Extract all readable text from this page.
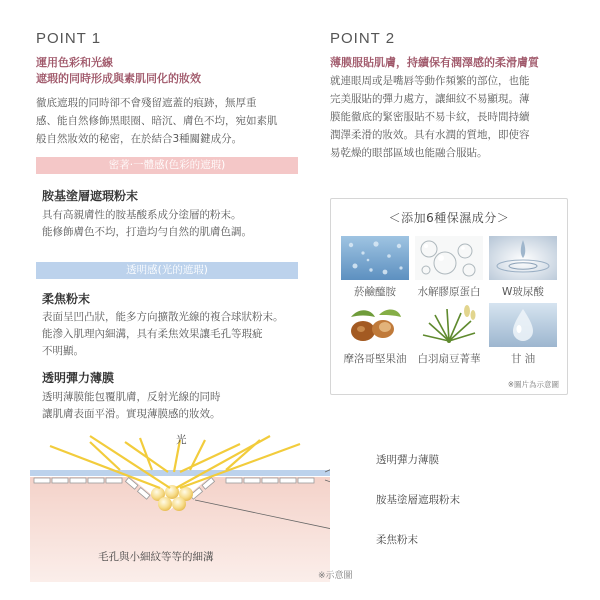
POINT 1
運用色彩和光線
遮瑕的同時形成與素肌同化的妝效
徹底遮瑕的同時卻不會殘留遮蓋的痕跡，無厚重
感、能自然修飾黑眼圈、暗沉、膚色不均，宛如素肌
般自然妝效的秘密，在於結合3種關鍵成分。
密著‧一體感(色彩的遮瑕)
胺基塗層遮瑕粉末
具有高親膚性的胺基酸系成分塗層的粉末。
能修飾膚色不均，打造均勻自然的肌膚色調。
透明感(光的遮瑕)
柔焦粉末
表面呈凹凸狀，能多方向擴散光線的複合球狀粉末。
能滲入肌理內細溝，具有柔焦效果讓毛孔等瑕疵
不明顯。
透明彈力薄膜
透明薄膜能包覆肌膚，反射光線的同時
讓肌膚表面平滑。實現薄膜感的妝效。
POINT 2
薄膜服貼肌膚，持續保有潤澤感的柔滑膚質
就連眼周或是嘴唇等動作頻繁的部位，也能
完美服貼的彈力處方，讓細紋不易顯現。薄
膜能徹底的緊密服貼不易卡紋，長時間持續
潤澤柔滑的妝效。具有水潤的質地，即使容
易乾燥的眼部區域也能融合服貼。
＜添加6種保濕成分＞
菸鹼醯胺	水解膠原蛋白	W玻尿酸
摩洛哥堅果油	白羽扇豆菁華	甘 油
※圖片為示意圖
光
透明彈力薄膜
胺基塗層遮瑕粉末
柔焦粉末
毛孔與小細紋等等的細溝
※示意圖
